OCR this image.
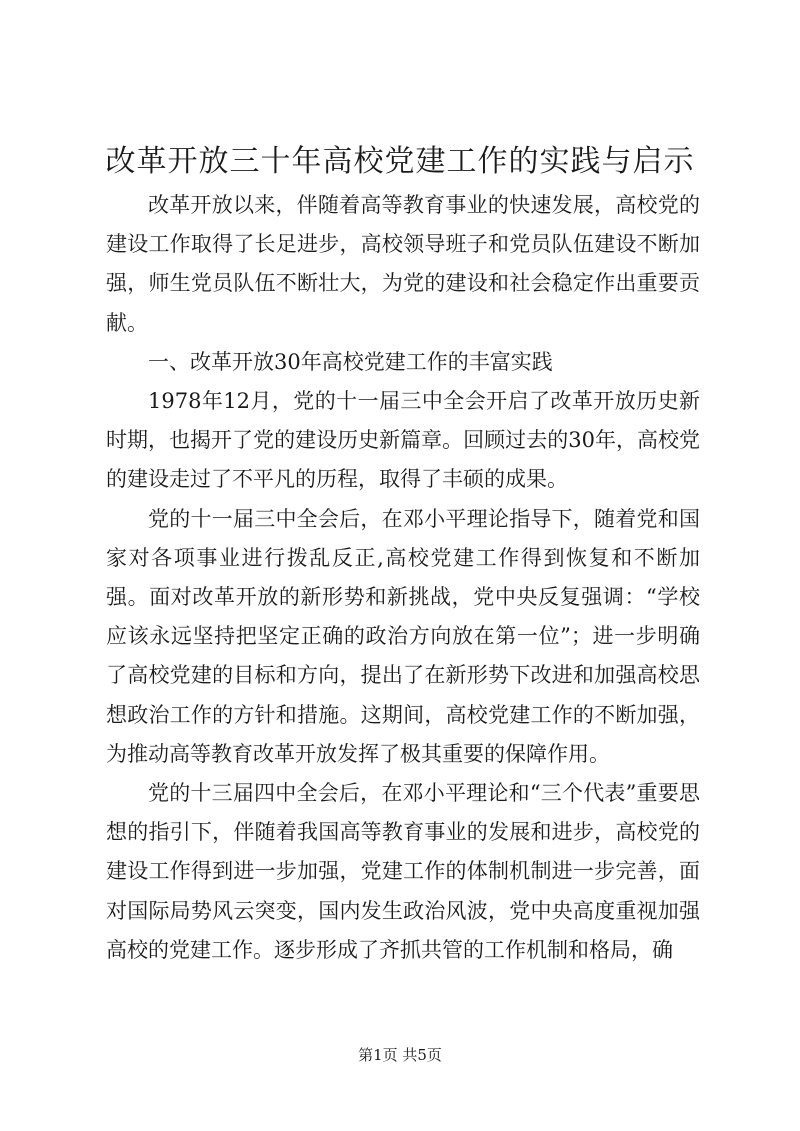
改革开放三十年高校党建工作的实践与启示

改革开放以来，伴随着高等教育事业的快速发展，高校党的建设工作取得了长足进步，高校领导班子和党员队伍建设不断加强，师生党员队伍不断壮大，为党的建设和社会稳定作出重要贡献。

一、改革开放30年高校党建工作的丰富实践

1978年12月，党的十一届三中全会开启了改革开放历史新时期，也揭开了党的建设历史新篇章。回顾过去的30年，高校党的建设走过了不平凡的历程，取得了丰硕的成果。

党的十一届三中全会后，在邓小平理论指导下，随着党和国家对各项事业进行拨乱反正,高校党建工作得到恢复和不断加强。面对改革开放的新形势和新挑战，党中央反复强调：“学校应该永远坚持把坚定正确的政治方向放在第一位”；进一步明确了高校党建的目标和方向，提出了在新形势下改进和加强高校思想政治工作的方针和措施。这期间，高校党建工作的不断加强，为推动高等教育改革开放发挥了极其重要的保障作用。

党的十三届四中全会后，在邓小平理论和“三个代表”重要思想的指引下，伴随着我国高等教育事业的发展和进步，高校党的建设工作得到进一步加强，党建工作的体制机制进一步完善，面对国际局势风云突变，国内发生政治风波，党中央高度重视加强高校的党建工作。逐步形成了齐抓共管的工作机制和格局，确

第1页 共5页
